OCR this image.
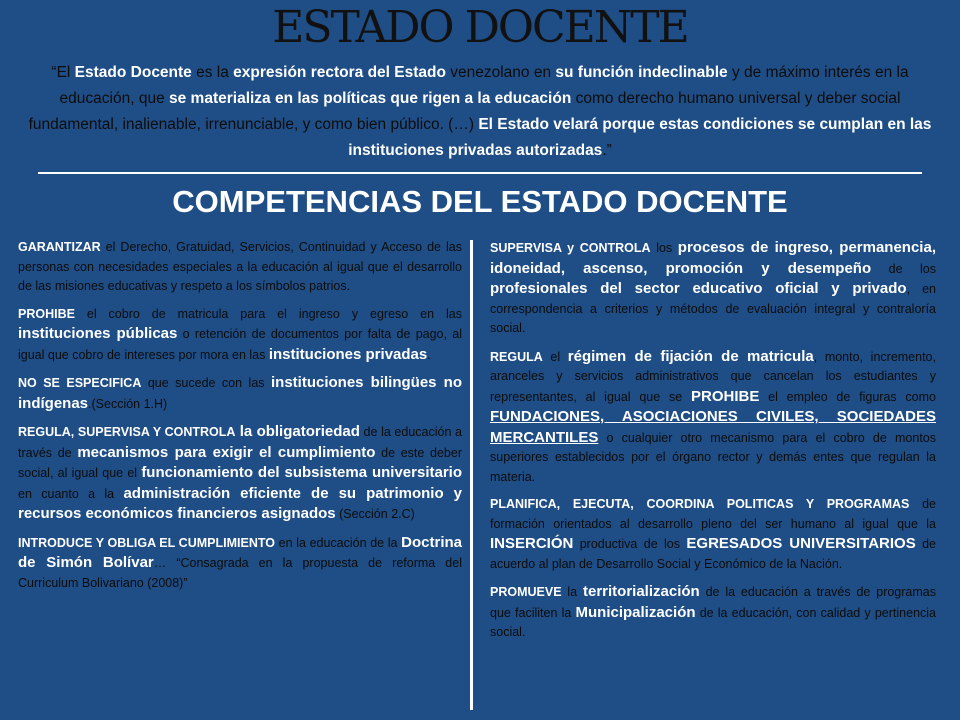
ESTADO DOCENTE
“El Estado Docente es la expresión rectora del Estado venezolano en su función indeclinable y de máximo interés en la educación, que se materializa en las políticas que rigen a la educación como derecho humano universal y deber social fundamental, inalienable, irrenunciable, y como bien público. (…) El Estado velará porque estas condiciones se cumplan en las instituciones privadas autorizadas.”
COMPETENCIAS DEL ESTADO DOCENTE
GARANTIZAR el Derecho, Gratuidad, Servicios, Continuidad y Acceso de las personas con necesidades especiales a la educación al igual que el desarrollo de las misiones educativas y respeto a los símbolos patrios.
PROHIBE el cobro de matricula para el ingreso y egreso en las instituciones públicas o retención de documentos por falta de pago, al igual que cobro de intereses por mora en las instituciones privadas.
NO SE ESPECIFICA que sucede con las instituciones bilingües no indígenas.(Sección 1.H)
REGULA, SUPERVISA Y CONTROLA la obligatoriedad de la educación a través de mecanismos para exigir el cumplimiento de este deber social, al igual que el funcionamiento del subsistema universitario en cuanto a la administración eficiente de su patrimonio y recursos económicos financieros asignados (Sección 2.C)
INTRODUCE Y OBLIGA EL CUMPLIMIENTO en la educación de la Doctrina de Simón Bolívar… “Consagrada en la propuesta de reforma del Curriculum Bolivariano (2008)”
SUPERVISA y CONTROLA los procesos de ingreso, permanencia, idoneidad, ascenso, promoción y desempeño de los profesionales del sector educativo oficial y privado, en correspondencia a criterios y métodos de evaluación integral y contraloría social.
REGULA el régimen de fijación de matricula, monto, incremento, aranceles y servicios administrativos que cancelan los estudiantes y representantes, al igual que se PROHIBE el empleo de figuras como FUNDACIONES, ASOCIACIONES CIVILES, SOCIEDADES MERCANTILES o cualquier otro mecanismo para el cobro de montos superiores establecidos por el órgano rector y demás entes que regulan la materia.
PLANIFICA, EJECUTA, COORDINA POLITICAS Y PROGRAMAS de formación orientados al desarrollo pleno del ser humano al igual que la INSERCIÓN productiva de los EGRESADOS UNIVERSITARIOS de acuerdo al plan de Desarrollo Social y Económico de la Nación.
PROMUEVE la territorialización de la educación a través de programas que faciliten la Municipalización de la educación, con calidad y pertinencia social.
